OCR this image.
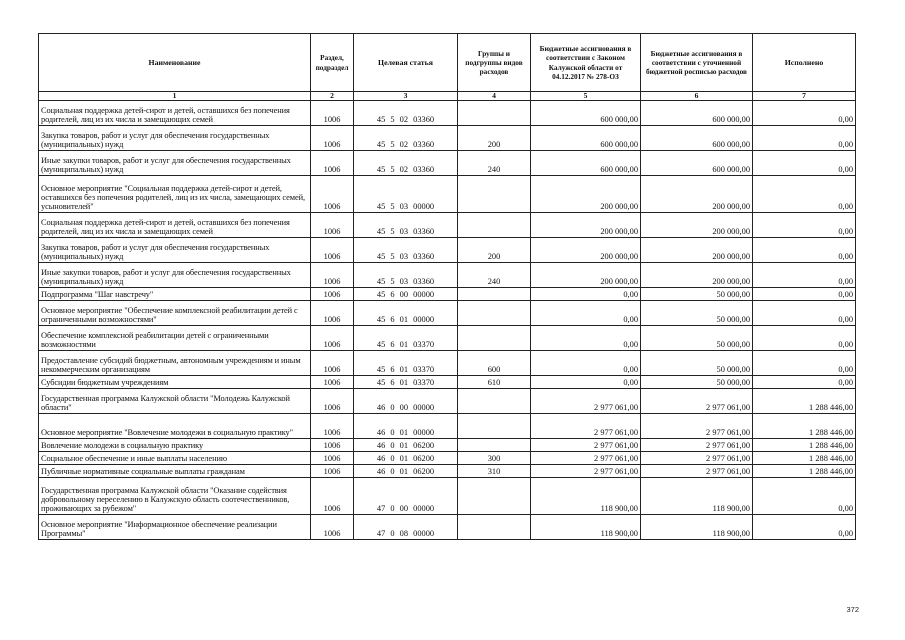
Наименование	Раздел, подраздел	Целевая статья	Группы и подгруппы видов расходов	Бюджетные ассигнования в соответствии с Законом Калужской области от 04.12.2017 № 278-ОЗ	Бюджетные ассигнования в соответствии с уточненной бюджетной росписью расходов	Исполнено
1	2	3	4	5	6	7
Социальная поддержка детей-сирот и детей, оставшихся без попечения родителей, лиц из их числа и замещающих семей	1006	45 5 02 03360		600 000,00	600 000,00	0,00
Закупка товаров, работ и услуг для обеспечения государственных (муниципальных) нужд	1006	45 5 02 03360	200	600 000,00	600 000,00	0,00
Иные закупки товаров, работ и услуг для обеспечения государственных (муниципальных) нужд	1006	45 5 02 03360	240	600 000,00	600 000,00	0,00
Основное мероприятие "Социальная поддержка детей-сирот и детей, оставшихся без попечения родителей, лиц из их числа, замещающих семей, усыновителей"	1006	45 5 03 00000		200 000,00	200 000,00	0,00
Социальная поддержка детей-сирот и детей, оставшихся без попечения родителей, лиц из их числа и замещающих семей	1006	45 5 03 03360		200 000,00	200 000,00	0,00
Закупка товаров, работ и услуг для обеспечения государственных (муниципальных) нужд	1006	45 5 03 03360	200	200 000,00	200 000,00	0,00
Иные закупки товаров, работ и услуг для обеспечения государственных (муниципальных) нужд	1006	45 5 03 03360	240	200 000,00	200 000,00	0,00
Подпрограмма "Шаг навстречу"	1006	45 6 00 00000		0,00	50 000,00	0,00
Основное мероприятие "Обеспечение комплексной реабилитации детей с ограниченными возможностями"	1006	45 6 01 00000		0,00	50 000,00	0,00
Обеспечение комплексной реабилитации детей с ограниченными возможностями	1006	45 6 01 03370		0,00	50 000,00	0,00
Предоставление субсидий бюджетным, автономным учреждениям и иным некоммерческим организациям	1006	45 6 01 03370	600	0,00	50 000,00	0,00
Субсидии бюджетным учреждениям	1006	45 6 01 03370	610	0,00	50 000,00	0,00
Государственная программа Калужской области "Молодежь Калужской области"	1006	46 0 00 00000		2 977 061,00	2 977 061,00	1 288 446,00
Основное мероприятие "Вовлечение молодежи в социальную практику"	1006	46 0 01 00000		2 977 061,00	2 977 061,00	1 288 446,00
Вовлечение молодежи в социальную практику	1006	46 0 01 06200		2 977 061,00	2 977 061,00	1 288 446,00
Социальное обеспечение и иные выплаты населению	1006	46 0 01 06200	300	2 977 061,00	2 977 061,00	1 288 446,00
Публичные нормативные социальные выплаты гражданам	1006	46 0 01 06200	310	2 977 061,00	2 977 061,00	1 288 446,00
Государственная программа Калужской области "Оказание содействия добровольному переселению в Калужскую область соотечественников, проживающих за рубежом"	1006	47 0 00 00000		118 900,00	118 900,00	0,00
Основное мероприятие "Информационное обеспечение реализации Программы"	1006	47 0 08 00000		118 900,00	118 900,00	0,00
372
